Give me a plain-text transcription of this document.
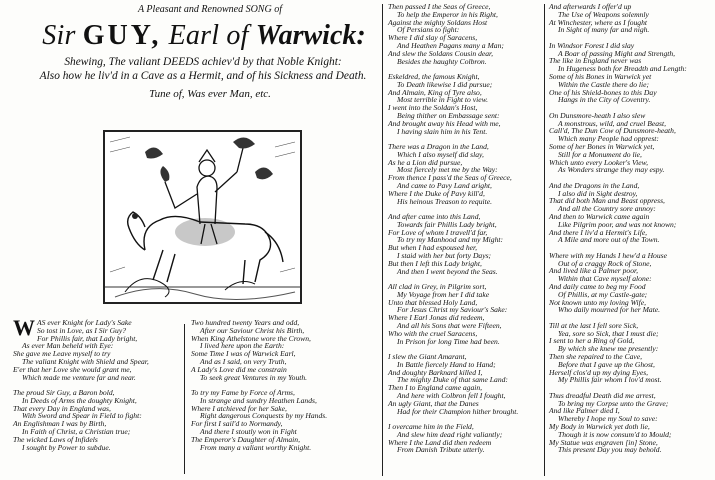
A Pleasant and Renowned SONG of
Sir GUY, Earl of Warwick:
Shewing, The valiant DEEDS achiev'd by that Noble Knight:
Also how he liv'd in a Cave as a Hermit, and of his Sickness and Death.
Tune of, Was ever Man, etc.
W AS ever Knight for Lady's Sake
So tost in Love, as I Sir Guy?
For Phillis fair, that Lady bright,
As ever Man beheld with Eye:
She gave me Leave myself to try
The valiant Knight with Shield and Spear,
E'er that her Love she would grant me,
Which made me venture far and near.
The proud Sir Guy, a Baron bold,
In Deeds of Arms the doughty Knight,
That every Day in England was,
With Sword and Spear in Field to fight:
An Englishman I was by Birth,
In Faith of Christ, a Christian true;
The wicked Laws of Infidels
I sought by Power to subdue.
Two hundred twenty Years and odd,
After our Saviour Christ his Birth,
When King Athelstone wore the Crown,
I lived here upon the Earth:
Some Time I was of Warwick Earl,
And as I said, on very Truth,
A Lady's Love did me constrain
To seek great Ventures in my Youth.
To try my Fame by Force of Arms,
In strange and sundry Heathen Lands,
Where I atchieved for her Sake,
Right dangerous Conquests by my Hands.
For first I sail'd to Normandy,
And there I stoutly won in Fight
The Emperor's Daughter of Almain,
From many a valiant worthy Knight.
Then passed I the Seas of Greece,
To help the Emperor in his Right,
Against the mighty Soldans Host
Of Persians to fight:
Where I did slay of Saracens,
And Heathen Pagans many a Man;
And slew the Soldans Cousin dear,
Besides the haughty Colbron.
Eskeldred, the famous Knight,
To Death likewise I did pursue;
And Almain, King of Tyre also,
Most terrible in Fight to view.
I went into the Soldan's Host,
Being thither on Embassage sent:
And brought away his Head with me,
I having slain him in his Tent.
There was a Dragon in the Land,
Which I also myself did slay,
As he a Lion did pursue,
Most fiercely met me by the Way:
From thence I pass'd the Seas of Greece,
And came to Pavy Land aright,
Where I the Duke of Pavy kill'd,
His heinous Treason to requite.
And after came into this Land,
Towards fair Phillis Lady bright,
For Love of whom I travell'd far,
To try my Manhood and my Might:
But when I had espoused her,
I staid with her but forty Days;
But then I left this Lady bright,
And then I went beyond the Seas.
All clad in Grey, in Pilgrim sort,
My Voyage from her I did take
Unto that blessed Holy Land,
For Jesus Christ my Saviour's Sake:
Where I Earl Jonas did redeem,
And all his Sons that were Fifteen,
Who with the cruel Saracens,
In Prison for long Time had been.
I slew the Giant Amarant,
In Battle fiercely Hand to Hand;
And doughty Barknard killed I,
The mighty Duke of that same Land:
Then I to England came again,
And here with Colbron fell I fought,
An ugly Giant, that the Danes
Had for their Champion hither brought.
I overcame him in the Field,
And slew him dead right valiantly;
Where I the Land did then redeem
From Danish Tribute utterly.
And afterwards I offer'd up
The Use of Weapons solemnly
At Winchester, where as I fought
In Sight of many far and nigh.
In Windsor Forest I did slay
A Boar of passing Might and Strength,
The like in England never was
In Hugeness both for Breadth and Length:
Some of his Bones in Warwick yet
Within the Castle there do lie;
One of his Shield-bones to this Day
Hangs in the City of Coventry.
On Dunsmore-heath I also slew
A monstrous, wild, and cruel Beast,
Call'd, The Dun Cow of Dunsmore-heath,
Which many People had opprest:
Some of her Bones in Warwick yet,
Still for a Monument do lie,
Which unto every Looker's View,
As Wonders strange they may espy.
And the Dragons in the Land,
I also did in Sight destroy,
That did both Man and Beast oppress,
And all the Country sore annoy:
And then to Warwick came again
Like Pilgrim poor, and was not known;
And there I liv'd a Hermit's Life,
A Mile and more out of the Town.
Where with my Hands I hew'd a House
Out of a craggy Rock of Stone,
And lived like a Palmer poor,
Within that Cave myself alone:
And daily came to beg my Food
Of Phillis, at my Castle-gate;
Not known unto my loving Wife,
Who daily mourned for her Mate.
Till at the last I fell sore Sick,
Yea, sore so Sick, that I must die;
I sent to her a Ring of Gold,
By which she knew me presently:
Then she repaired to the Cave,
Before that I gave up the Ghost,
Herself clos'd up my dying Eyes,
My Phillis fair whom I lov'd most.
Thus dreadful Death did me arrest,
To bring my Corpse unto the Grave;
And like Palmer died I,
Whereby I hope my Soul to save:
My Body in Warwick yet doth lie,
Though it is now consum'd to Mould;
My Statue was engraven [in] Stone,
This present Day you may behold.
